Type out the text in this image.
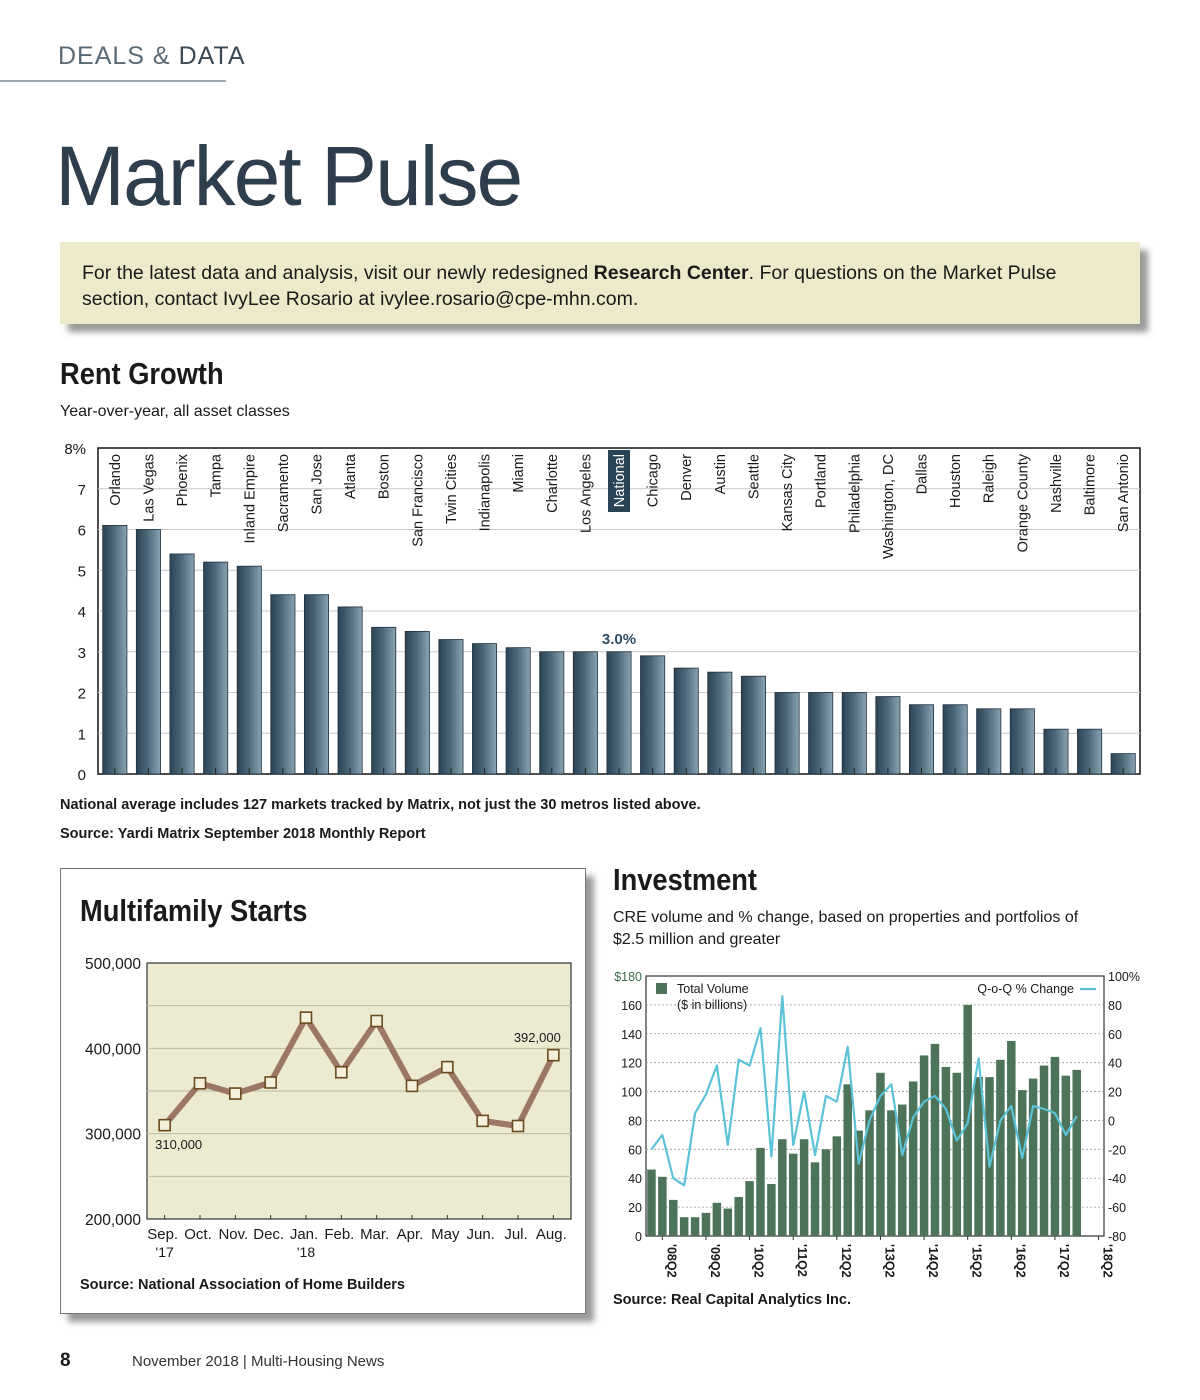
DEALS & DATA
Market Pulse
For the latest data and analysis, visit our newly redesigned Research Center. For questions on the Market Pulse section, contact IvyLee Rosario at ivylee.rosario@cpe-mhn.com.
Rent Growth
Year-over-year, all asset classes
8%
7
6
5
4
3
2
1
0
Orlando Las Vegas Phoenix Tampa Inland Empire Sacramento San Jose Atlanta Boston San Francisco Twin Cities Indianapolis Miami Charlotte Los Angeles
3.0%
National Chicago Denver Austin Seattle Kansas City Portland Philadelphia Washington, DC Dallas Houston Raleigh Orange County Nashville Baltimore San Antonio
National average includes 127 markets tracked by Matrix, not just the 30 metros listed above.
Source: Yardi Matrix September 2018 Monthly Report
Multifamily Starts
500,000
400,000
300,000
200,000
Sep.
'17
310,000
Oct. Nov. Dec. Jan.
'18
Feb. Mar. Apr. May Jun. Jul. Aug.
392,000
Source: National Association of Home Builders
Investment
CRE volume and % change, based on properties and portfolios of
$2.5 million and greater
$180
160
140
120
100
80
60
40
20
0
100%
80
60
40
20
0
-20
-40
-60
-80
'08Q2 '09Q2 '10Q2 '11Q2 '12Q2 '13Q2 '14Q2 '15Q2 '16Q2 '17Q2 '18Q2
Total Volume
($ in billions)
Q-o-Q % Change
Source: Real Capital Analytics Inc.
8	November 2018 | Multi-Housing News
